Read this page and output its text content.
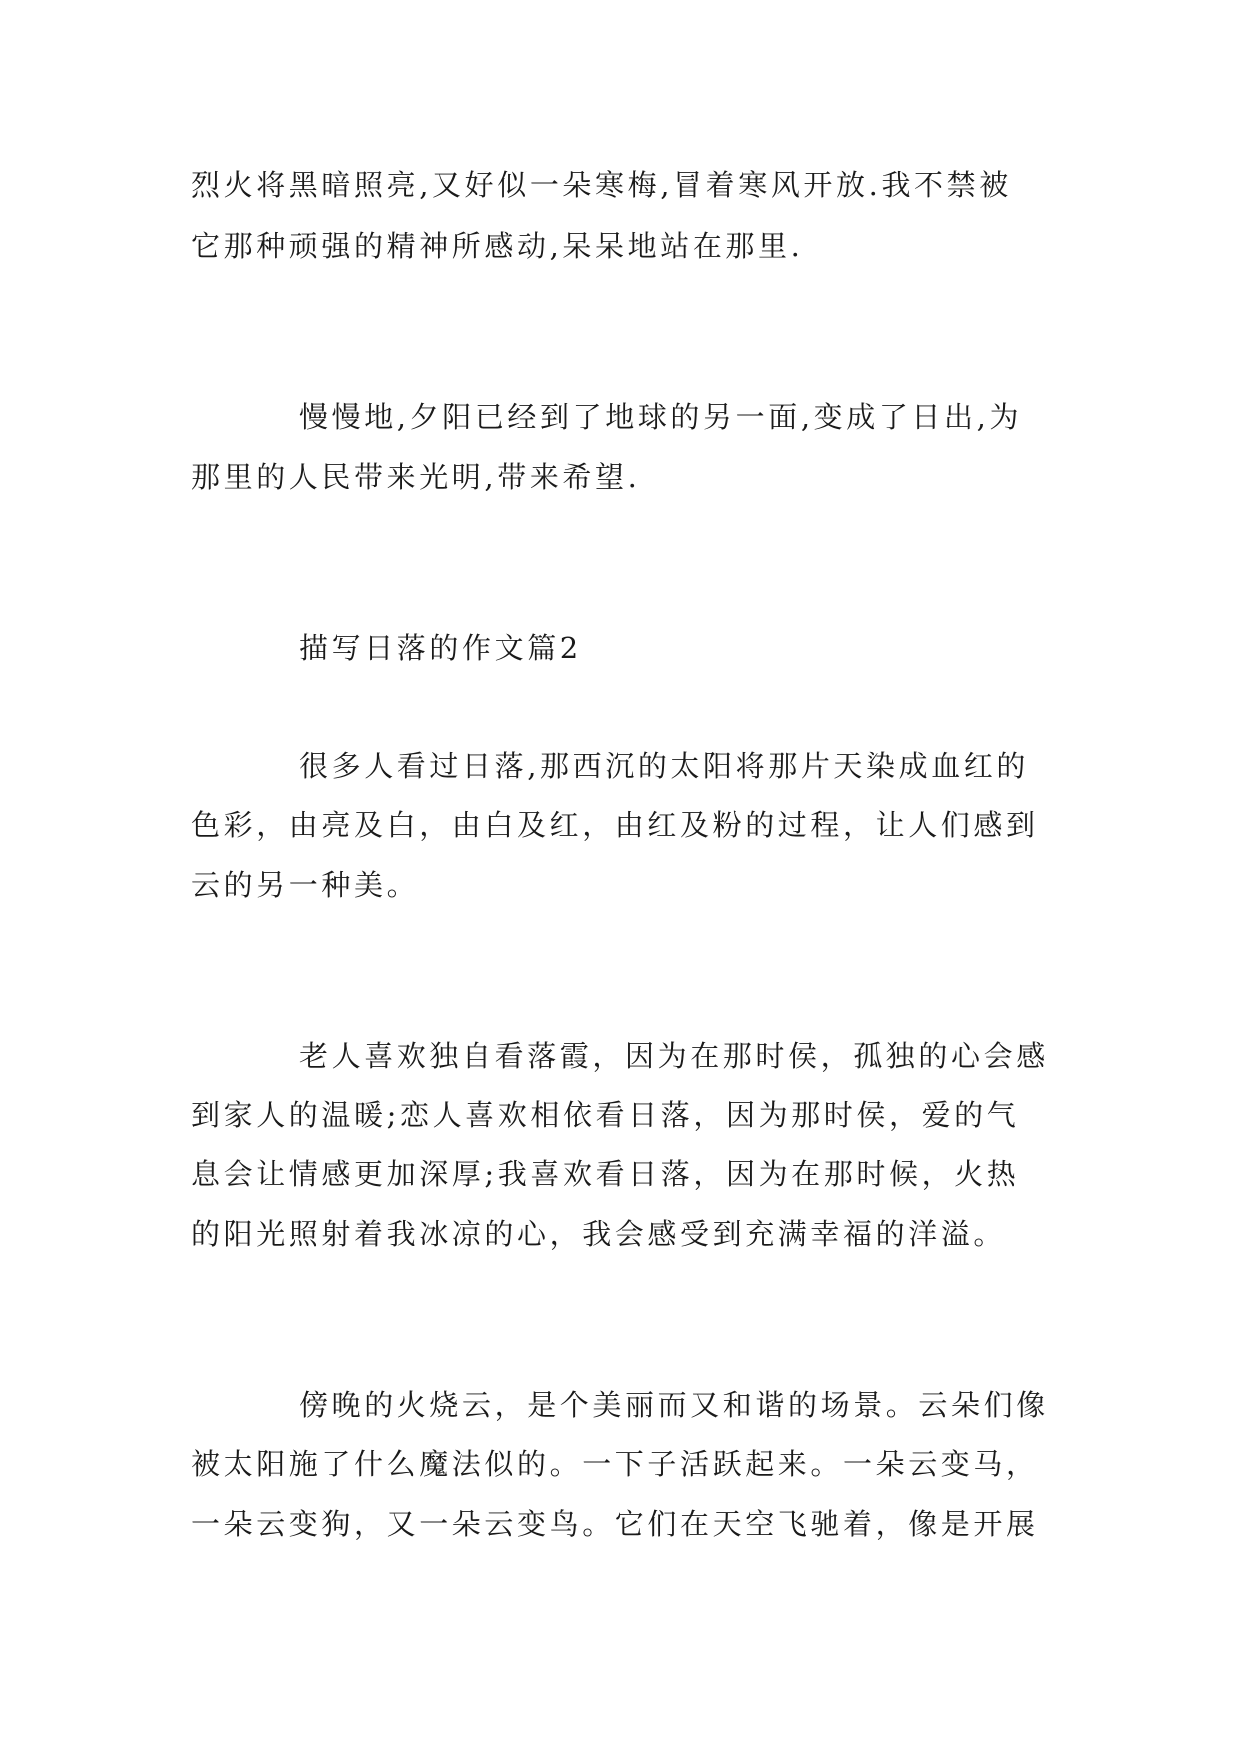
烈火将黑暗照亮,又好似一朵寒梅,冒着寒风开放.我不禁被

它那种顽强的精神所感动,呆呆地站在那里.

慢慢地,夕阳已经到了地球的另一面,变成了日出,为

那里的人民带来光明,带来希望.

描写日落的作文篇2

很多人看过日落,那西沉的太阳将那片天染成血红的

色彩，由亮及白，由白及红，由红及粉的过程，让人们感到

云的另一种美。

老人喜欢独自看落霞，因为在那时侯，孤独的心会感

到家人的温暖;恋人喜欢相依看日落，因为那时侯，爱的气

息会让情感更加深厚;我喜欢看日落，因为在那时候，火热

的阳光照射着我冰凉的心，我会感受到充满幸福的洋溢。

傍晚的火烧云，是个美丽而又和谐的场景。云朵们像

被太阳施了什么魔法似的。一下子活跃起来。一朵云变马，

一朵云变狗，又一朵云变鸟。它们在天空飞驰着，像是开展
